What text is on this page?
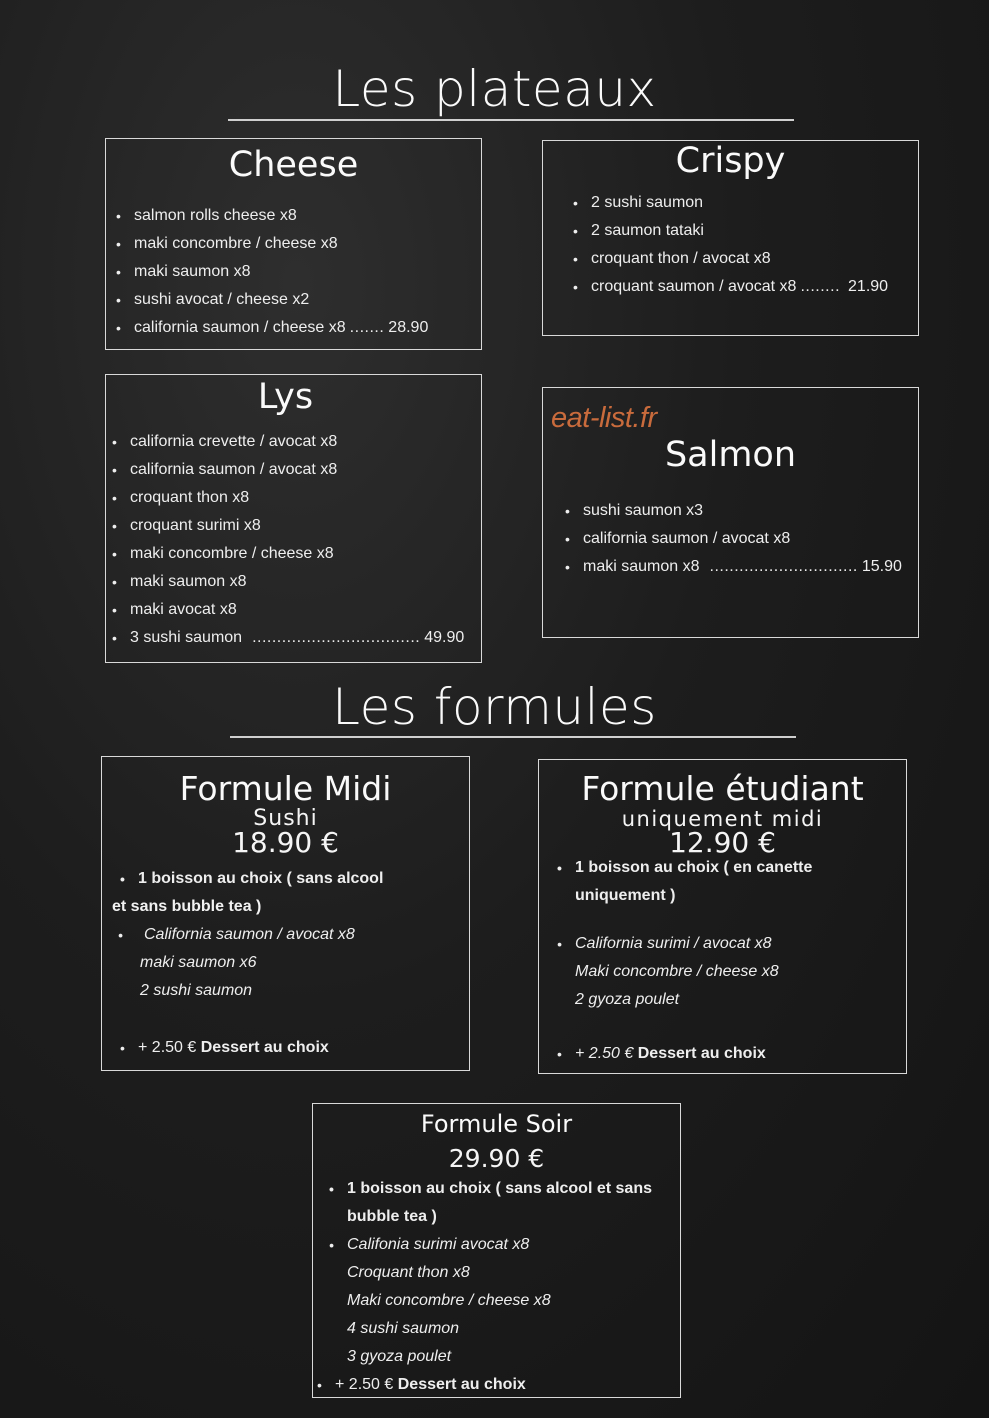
Les plateaux
Cheese
• salmon rolls cheese x8
• maki concombre / cheese x8
• maki saumon x8
• sushi avocat / cheese x2
• california saumon / cheese x8 ....... 28.90
Crispy
• 2 sushi saumon
• 2 saumon tataki
• croquant thon / avocat x8
• croquant saumon / avocat x8 ........ 21.90
Lys
• california crevette / avocat x8
• california saumon / avocat x8
• croquant thon x8
• croquant surimi x8
• maki concombre / cheese x8
• maki saumon x8
• maki avocat x8
• 3 sushi saumon .................................. 49.90
Salmon
• sushi saumon x3
• california saumon / avocat x8
• maki saumon x8 .............................. 15.90
eat-list.fr
Les formules
Formule Midi
Sushi
18.90 €
• 1 boisson au choix ( sans alcool
et sans bubble tea )
• California saumon / avocat x8
maki saumon x6
2 sushi saumon
• + 2.50 € Dessert au choix
Formule étudiant
uniquement midi
12.90 €
• 1 boisson au choix ( en canette
uniquement )
• California surimi / avocat x8
Maki concombre / cheese x8
2 gyoza poulet
• + 2.50 € Dessert au choix
Formule Soir
29.90 €
• 1 boisson au choix ( sans alcool et sans
bubble tea )
• Califonia surimi avocat x8
Croquant thon x8
Maki concombre / cheese x8
4 sushi saumon
3 gyoza poulet
• + 2.50 € Dessert au choix
